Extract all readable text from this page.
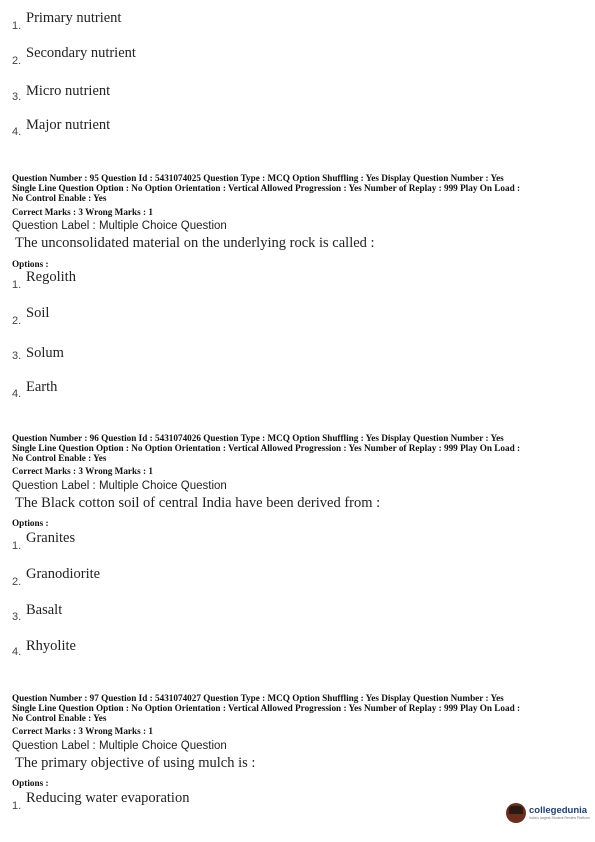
1. Primary nutrient
2. Secondary nutrient
3. Micro nutrient
4. Major nutrient
Question Number : 95 Question Id : 5431074025 Question Type : MCQ Option Shuffling : Yes Display Question Number : Yes
Single Line Question Option : No Option Orientation : Vertical Allowed Progression : Yes Number of Replay : 999 Play On Load :
No Control Enable : Yes
Correct Marks : 3 Wrong Marks : 1
Question Label : Multiple Choice Question
The unconsolidated material on the underlying rock is called :
Options :
1. Regolith
2. Soil
3. Solum
4. Earth
Question Number : 96 Question Id : 5431074026 Question Type : MCQ Option Shuffling : Yes Display Question Number : Yes
Single Line Question Option : No Option Orientation : Vertical Allowed Progression : Yes Number of Replay : 999 Play On Load :
No Control Enable : Yes
Correct Marks : 3 Wrong Marks : 1
Question Label : Multiple Choice Question
The Black cotton soil of central India have been derived from :
Options :
1. Granites
2. Granodiorite
3. Basalt
4. Rhyolite
Question Number : 97 Question Id : 5431074027 Question Type : MCQ Option Shuffling : Yes Display Question Number : Yes
Single Line Question Option : No Option Orientation : Vertical Allowed Progression : Yes Number of Replay : 999 Play On Load :
No Control Enable : Yes
Correct Marks : 3 Wrong Marks : 1
Question Label : Multiple Choice Question
The primary objective of using mulch is :
Options :
1. Reducing water evaporation
collegedunia
India's largest Student Review Platform
